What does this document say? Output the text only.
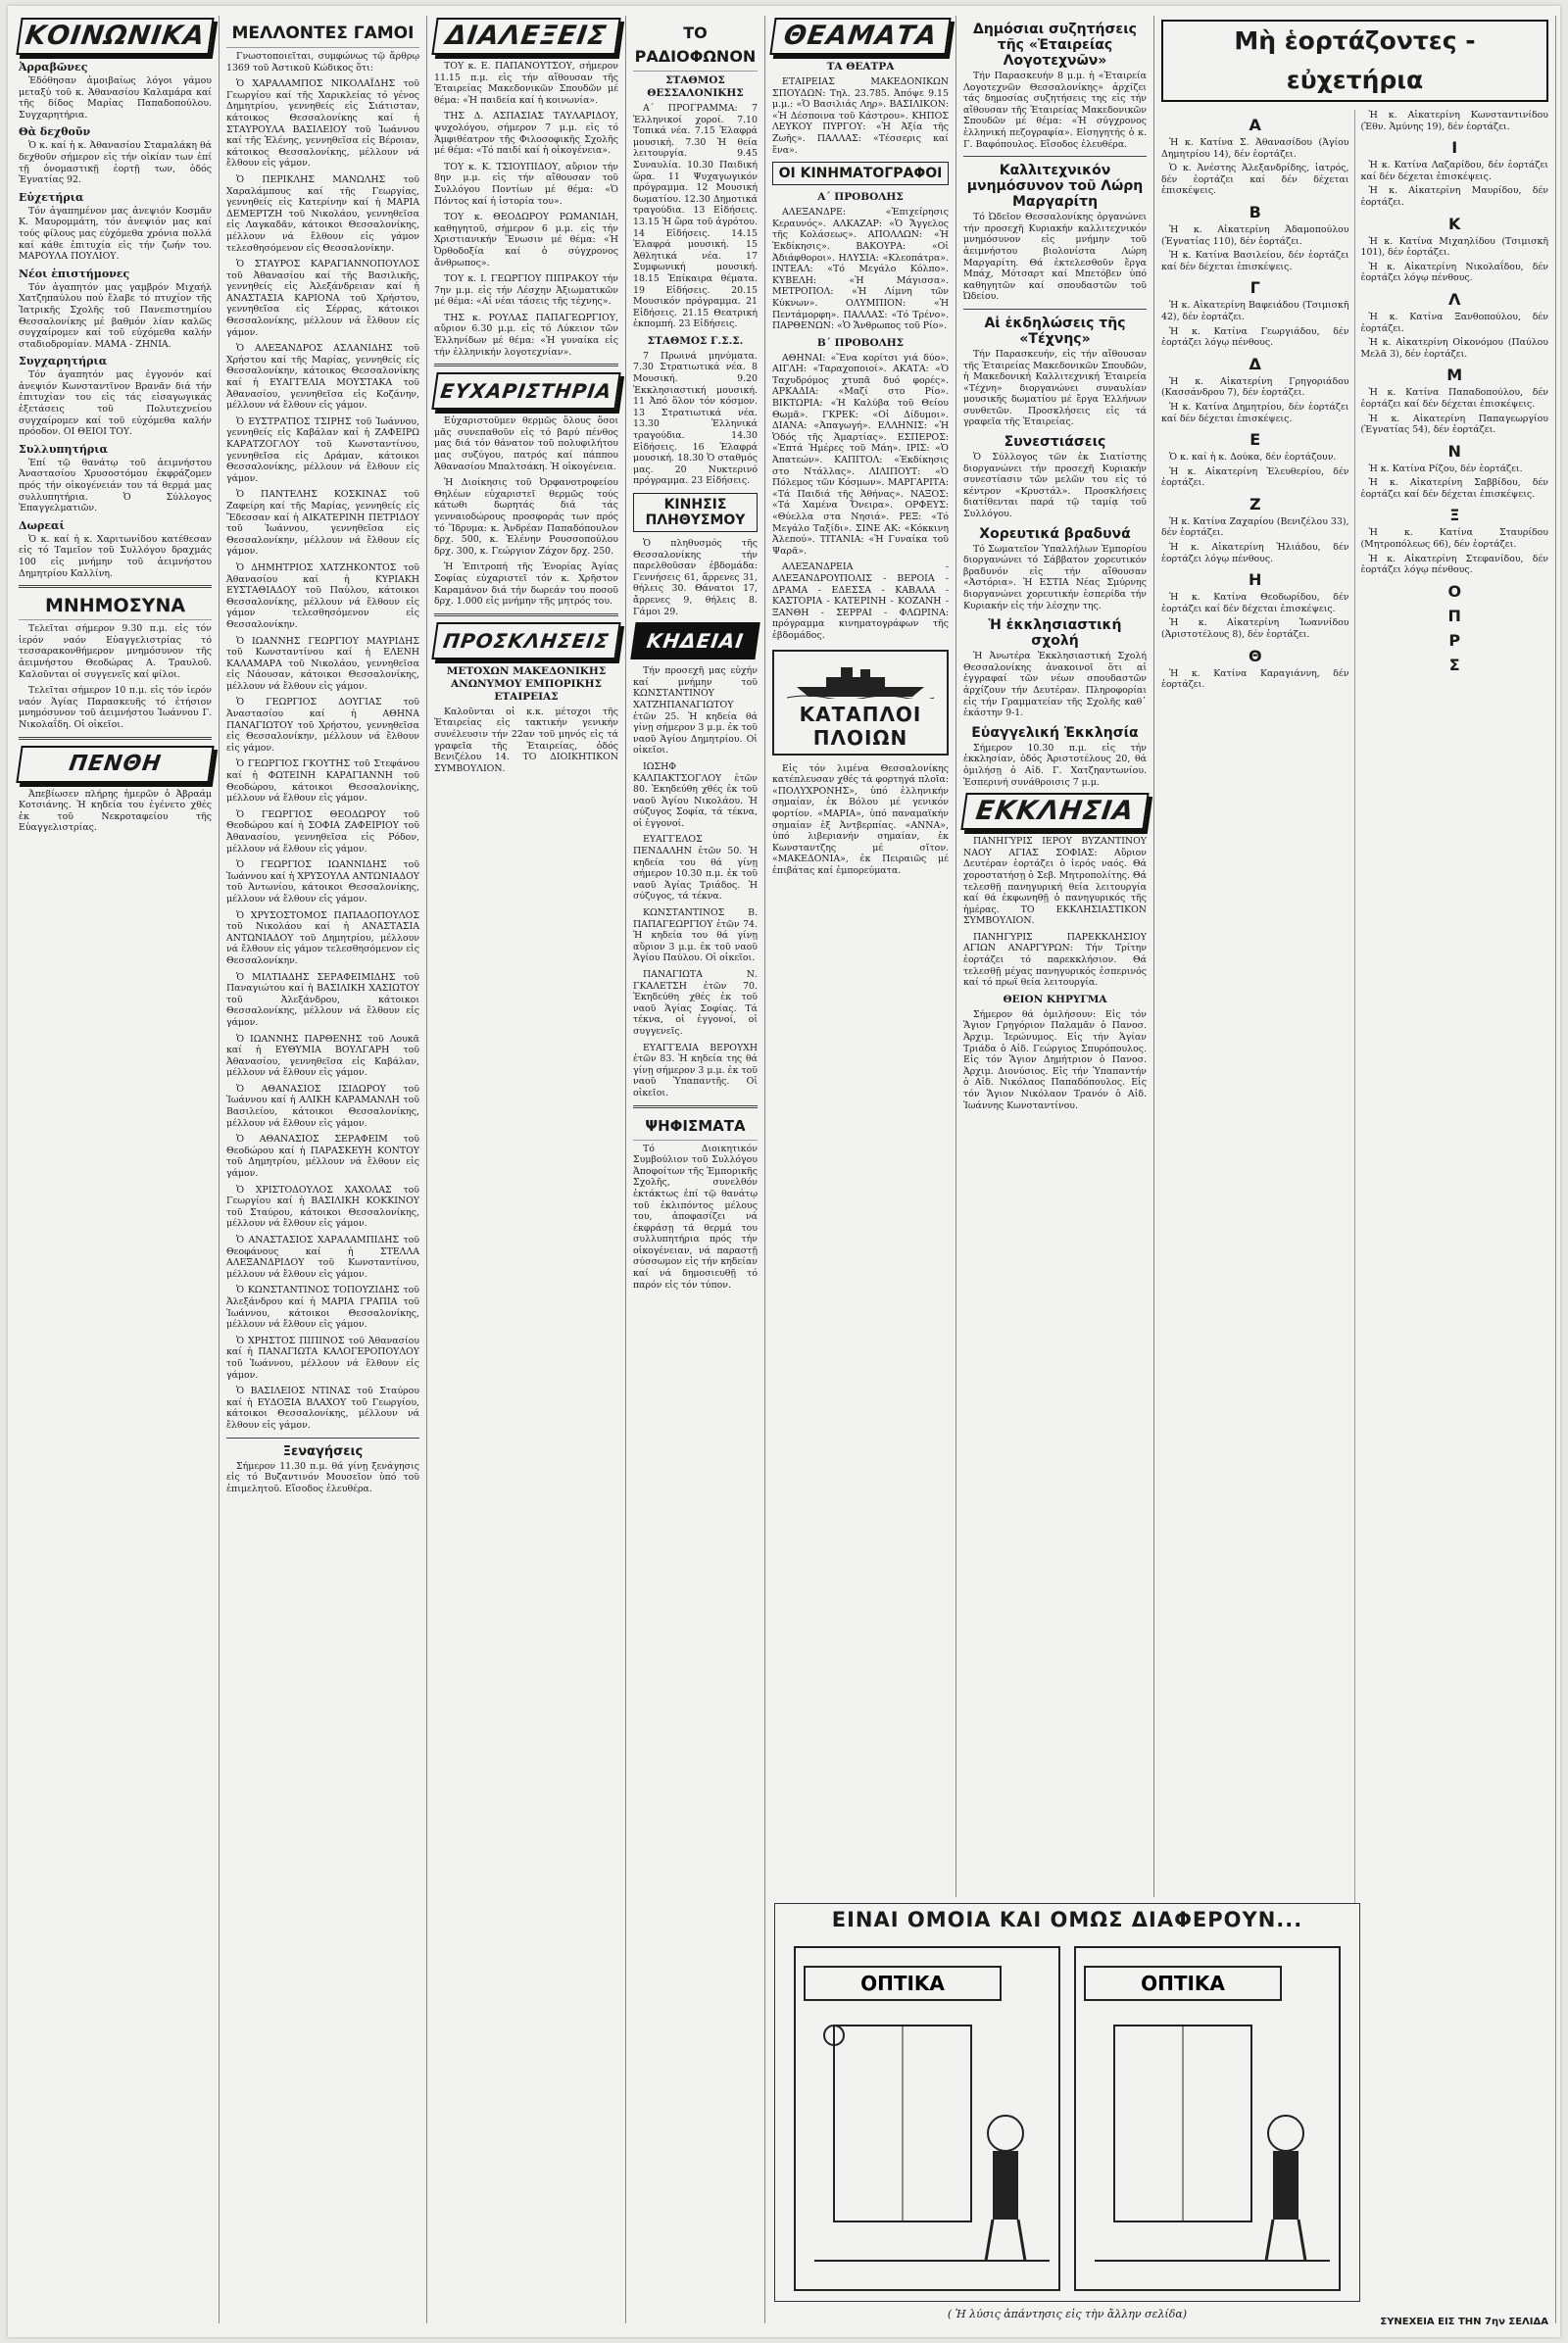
ΚΟΙΝΩΝΙΚΑ
Ἀρραβῶνες
Ἐδόθησαν ἀμοιβαίως λόγοι γάμου μεταξύ τοῦ κ. Ἀθανασίου Καλαμάρα καί τῆς δίδος Μαρίας Παπαδοπούλου. Συγχαρητήρια.
Θὰ δεχθοῦν
Ὁ κ. καί ἡ κ. Ἀθανασίου Σταμαλάκη θά δεχθοῦν σήμερον εἰς τήν οἰκίαν των ἐπί τῇ ὀνομαστικῇ ἑορτῇ των, ὁδός Ἐγνατίας 92.
Εὐχετήρια
Τόν ἀγαπημένον μας ἀνεψιόν Κοσμᾶν Κ. Μαυρομμάτη, τόν ἀνεψιόν μας καί τούς φίλους μας εὐχόμεθα χρόνια πολλά καί κάθε ἐπιτυχία εἰς τήν ζωήν του. ΜΑΡΟΥΛΑ ΠΟΥΛΙΟΥ.
Νέοι ἐπιστήμονες
Τόν ἀγαπητόν μας γαμβρόν Μιχαήλ Χατζηπαύλου πού ἔλαβε τό πτυχίον τῆς Ἰατρικῆς Σχολῆς τοῦ Πανεπιστημίου Θεσσαλονίκης μέ βαθμόν λίαν καλῶς συγχαίρομεν καί τοῦ εὐχόμεθα καλήν σταδιοδρομίαν. ΜΑΜΑ - ΖΗΝΙΑ.
Συγχαρητήρια
Τόν ἀγαπητόν μας ἐγγονόν καί ἀνεψιόν Κωνσταντῖνον Βρανᾶν διά τήν ἐπιτυχίαν του εἰς τάς εἰσαγωγικάς ἐξετάσεις τοῦ Πολυτεχνείου συγχαίρομεν καί τοῦ εὐχόμεθα καλήν πρόοδον. ΟΙ ΘΕΙΟΙ ΤΟΥ.
Συλλυπητήρια
Ἐπί τῷ θανάτῳ τοῦ ἀειμνήστου Ἀναστασίου Χρυσοστόμου ἐκφράζομεν πρός τήν οἰκογένειάν του τά θερμά μας συλλυπητήρια. Ὁ Σύλλογος Ἐπαγγελματιῶν.
Δωρεαί
Ὁ κ. καί ἡ κ. Χαριτωνίδου κατέθεσαν εἰς τό Ταμεῖον τοῦ Συλλόγου δραχμάς 100 εἰς μνήμην τοῦ ἀειμνήστου Δημητρίου Καλλίνη.
ΜΝΗΜΟΣΥΝΑ
Τελεῖται σήμερον 9.30 π.μ. εἰς τόν ἱερόν ναόν Εὐαγγελιστρίας τό τεσσαρακονθήμερον μνημόσυνον τῆς ἀειμνήστου Θεοδώρας Α. Τραυλοῦ. Καλοῦνται οἱ συγγενεῖς καί φίλοι.
Τελεῖται σήμερον 10 π.μ. εἰς τόν ἱερόν ναόν Ἁγίας Παρασκευῆς τό ἐτήσιον μνημόσυνον τοῦ ἀειμνήστου Ἰωάννου Γ. Νικολαΐδη. Οἱ οἰκεῖοι.
ΠΕΝΘΗ
Ἀπεβίωσεν πλήρης ἡμερῶν ὁ Ἀβραάμ Κοτσιάνης. Ἡ κηδεία του ἐγένετο χθές ἐκ τοῦ Νεκροταφείου τῆς Εὐαγγελιστρίας.
ΜΕΛΛΟΝΤΕΣ ΓΑΜΟΙ
Γνωστοποιεῖται, συμφώνως τῷ ἄρθρῳ 1369 τοῦ Ἀστικοῦ Κώδικος ὅτι:
Ὁ ΧΑΡΑΛΑΜΠΟΣ ΝΙΚΟΛΑΪΔΗΣ τοῦ Γεωργίου καί τῆς Χαρικλείας τό γένος Δημητρίου, γεννηθείς εἰς Σιάτισταν, κάτοικος Θεσσαλονίκης καί ἡ ΣΤΑΥΡΟΥΛΑ ΒΑΣΙΛΕΙΟΥ τοῦ Ἰωάννου καί τῆς Ἑλένης, γεννηθεῖσα εἰς Βέροιαν, κάτοικος Θεσσαλονίκης, μέλλουν νά ἔλθουν εἰς γάμον.
Ὁ ΠΕΡΙΚΛΗΣ ΜΑΝΩΛΗΣ τοῦ Χαραλάμπους καί τῆς Γεωργίας, γεννηθείς εἰς Κατερίνην καί ἡ ΜΑΡΙΑ ΔΕΜΕΡΤΖΗ τοῦ Νικολάου, γεννηθεῖσα εἰς Λαγκαδᾶν, κάτοικοι Θεσσαλονίκης, μέλλουν νά ἔλθουν εἰς γάμον τελεσθησόμενον εἰς Θεσσαλονίκην.
Ὁ ΣΤΑΥΡΟΣ ΚΑΡΑΓΙΑΝΝΟΠΟΥΛΟΣ τοῦ Ἀθανασίου καί τῆς Βασιλικῆς, γεννηθείς εἰς Ἀλεξάνδρειαν καί ἡ ΑΝΑΣΤΑΣΙΑ ΚΑΡΙΟΝΑ τοῦ Χρήστου, γεννηθεῖσα εἰς Σέρρας, κάτοικοι Θεσσαλονίκης, μέλλουν νά ἔλθουν εἰς γάμον.
Ὁ ΑΛΕΞΑΝΔΡΟΣ ΑΣΛΑΝΙΔΗΣ τοῦ Χρήστου καί τῆς Μαρίας, γεννηθείς εἰς Θεσσαλονίκην, κάτοικος Θεσσαλονίκης καί ἡ ΕΥΑΓΓΕΛΙΑ ΜΟΥΣΤΑΚΑ τοῦ Ἀθανασίου, γεννηθεῖσα εἰς Κοζάνην, μέλλουν νά ἔλθουν εἰς γάμον.
Ὁ ΕΥΣΤΡΑΤΙΟΣ ΤΣΙΡΗΣ τοῦ Ἰωάννου, γεννηθείς εἰς Καβάλαν καί ἡ ΖΑΦΕΙΡΩ ΚΑΡΑΤΖΟΓΛΟΥ τοῦ Κωνσταντίνου, γεννηθεῖσα εἰς Δράμαν, κάτοικοι Θεσσαλονίκης, μέλλουν νά ἔλθουν εἰς γάμον.
Ὁ ΠΑΝΤΕΛΗΣ ΚΟΣΚΙΝΑΣ τοῦ Ζαφείρη καί τῆς Μαρίας, γεννηθείς εἰς Ἔδεσσαν καί ἡ ΑΙΚΑΤΕΡΙΝΗ ΠΕΤΡΙΔΟΥ τοῦ Ἰωάννου, γεννηθεῖσα εἰς Θεσσαλονίκην, μέλλουν νά ἔλθουν εἰς γάμον.
Ὁ ΔΗΜΗΤΡΙΟΣ ΧΑΤΖΗΚΟΝΤΟΣ τοῦ Ἀθανασίου καί ἡ ΚΥΡΙΑΚΗ ΕΥΣΤΑΘΙΑΔΟΥ τοῦ Παύλου, κάτοικοι Θεσσαλονίκης, μέλλουν νά ἔλθουν εἰς γάμον τελεσθησόμενον εἰς Θεσσαλονίκην.
Ὁ ΙΩΑΝΝΗΣ ΓΕΩΡΓΙΟΥ ΜΑΥΡΙΔΗΣ τοῦ Κωνσταντίνου καί ἡ ΕΛΕΝΗ ΚΑΛΑΜΑΡΑ τοῦ Νικολάου, γεννηθεῖσα εἰς Νάουσαν, κάτοικοι Θεσσαλονίκης, μέλλουν νά ἔλθουν εἰς γάμον.
Ὁ ΓΕΩΡΓΙΟΣ ΔΟΥΓΙΑΣ τοῦ Ἀναστασίου καί ἡ ΑΘΗΝΑ ΠΑΝΑΓΙΩΤΟΥ τοῦ Χρήστου, γεννηθεῖσα εἰς Θεσσαλονίκην, μέλλουν νά ἔλθουν εἰς γάμον.
Ὁ ΓΕΩΡΓΙΟΣ ΓΚΟΥΤΗΣ τοῦ Στεφάνου καί ἡ ΦΩΤΕΙΝΗ ΚΑΡΑΓΙΑΝΝΗ τοῦ Θεοδώρου, κάτοικοι Θεσσαλονίκης, μέλλουν νά ἔλθουν εἰς γάμον.
Ὁ ΓΕΩΡΓΙΟΣ ΘΕΟΔΩΡΟΥ τοῦ Θεοδώρου καί ἡ ΣΟΦΙΑ ΖΑΦΕΙΡΙΟΥ τοῦ Ἀθανασίου, γεννηθεῖσα εἰς Ρόδον, μέλλουν νά ἔλθουν εἰς γάμον.
Ὁ ΓΕΩΡΓΙΟΣ ΙΩΑΝΝΙΔΗΣ τοῦ Ἰωάννου καί ἡ ΧΡΥΣΟΥΛΑ ΑΝΤΩΝΙΑΔΟΥ τοῦ Ἀντωνίου, κάτοικοι Θεσσαλονίκης, μέλλουν νά ἔλθουν εἰς γάμον.
Ὁ ΧΡΥΣΟΣΤΟΜΟΣ ΠΑΠΑΔΟΠΟΥΛΟΣ τοῦ Νικολάου καί ἡ ΑΝΑΣΤΑΣΙΑ ΑΝΤΩΝΙΑΔΟΥ τοῦ Δημητρίου, μέλλουν νά ἔλθουν εἰς γάμον τελεσθησόμενον εἰς Θεσσαλονίκην.
Ὁ ΜΙΛΤΙΑΔΗΣ ΣΕΡΑΦΕΙΜΙΔΗΣ τοῦ Παναγιώτου καί ἡ ΒΑΣΙΛΙΚΗ ΧΑΣΙΩΤΟΥ τοῦ Ἀλεξάνδρου, κάτοικοι Θεσσαλονίκης, μέλλουν νά ἔλθουν εἰς γάμον.
Ὁ ΙΩΑΝΝΗΣ ΠΑΡΘΕΝΗΣ τοῦ Λουκᾶ καί ἡ ΕΥΘΥΜΙΑ ΒΟΥΛΓΑΡΗ τοῦ Ἀθανασίου, γεννηθεῖσα εἰς Καβάλαν, μέλλουν νά ἔλθουν εἰς γάμον.
Ὁ ΑΘΑΝΑΣΙΟΣ ΙΣΙΔΩΡΟΥ τοῦ Ἰωάννου καί ἡ ΑΛΙΚΗ ΚΑΡΑΜΑΝΛΗ τοῦ Βασιλείου, κάτοικοι Θεσσαλονίκης, μέλλουν νά ἔλθουν εἰς γάμον.
Ὁ ΑΘΑΝΑΣΙΟΣ ΣΕΡΑΦΕΙΜ τοῦ Θεοδώρου καί ἡ ΠΑΡΑΣΚΕΥΗ ΚΟΝΤΟΥ τοῦ Δημητρίου, μέλλουν νά ἔλθουν εἰς γάμον.
Ὁ ΧΡΙΣΤΟΔΟΥΛΟΣ ΧΑΧΟΛΑΣ τοῦ Γεωργίου καί ἡ ΒΑΣΙΛΙΚΗ ΚΟΚΚΙΝΟΥ τοῦ Σταύρου, κάτοικοι Θεσσαλονίκης, μέλλουν νά ἔλθουν εἰς γάμον.
Ὁ ΑΝΑΣΤΑΣΙΟΣ ΧΑΡΑΛΑΜΠΙΔΗΣ τοῦ Θεοφάνους καί ἡ ΣΤΕΛΛΑ ΑΛΕΞΑΝΔΡΙΔΟΥ τοῦ Κωνσταντίνου, μέλλουν νά ἔλθουν εἰς γάμον.
Ὁ ΚΩΝΣΤΑΝΤΙΝΟΣ ΤΟΠΟΥΖΙΔΗΣ τοῦ Ἀλεξάνδρου καί ἡ ΜΑΡΙΑ ΓΡΑΠΙΑ τοῦ Ἰωάννου, κάτοικοι Θεσσαλονίκης, μέλλουν νά ἔλθουν εἰς γάμον.
Ὁ ΧΡΗΣΤΟΣ ΠΙΠΙΝΟΣ τοῦ Ἀθανασίου καί ἡ ΠΑΝΑΓΙΩΤΑ ΚΑΛΟΓΕΡΟΠΟΥΛΟΥ τοῦ Ἰωάννου, μέλλουν νά ἔλθουν εἰς γάμον.
Ὁ ΒΑΣΙΛΕΙΟΣ ΝΤΙΝΑΣ τοῦ Σταύρου καί ἡ ΕΥΔΟΞΙΑ ΒΛΑΧΟΥ τοῦ Γεωργίου, κάτοικοι Θεσσαλονίκης, μέλλουν νά ἔλθουν εἰς γάμον.
Ξεναγήσεις
Σήμερον 11.30 π.μ. θά γίνῃ ξενάγησις εἰς τό Βυζαντινόν Μουσεῖον ὑπό τοῦ ἐπιμελητοῦ. Εἴσοδος ἐλευθέρα.
ΔΙΑΛΕΞΕΙΣ
ΤΟΥ κ. Ε. ΠΑΠΑΝΟΥΤΣΟΥ, σήμερον 11.15 π.μ. εἰς τήν αἴθουσαν τῆς Ἑταιρείας Μακεδονικῶν Σπουδῶν μέ θέμα: «Ἡ παιδεία καί ἡ κοινωνία».
ΤΗΣ Δ. ΑΣΠΑΣΙΑΣ ΤΑΥΛΑΡΙΔΟΥ, ψυχολόγου, σήμερον 7 μ.μ. εἰς τό Ἀμφιθέατρον τῆς Φιλοσοφικῆς Σχολῆς μέ θέμα: «Τό παιδί καί ἡ οἰκογένεια».
ΤΟΥ κ. Κ. ΤΣΙΟΥΠΙΔΟΥ, αὔριον τήν 8ην μ.μ. εἰς τήν αἴθουσαν τοῦ Συλλόγου Ποντίων μέ θέμα: «Ὁ Πόντος καί ἡ ἱστορία του».
ΤΟΥ κ. ΘΕΟΔΩΡΟΥ ΡΩΜΑΝΙΔΗ, καθηγητοῦ, σήμερον 6 μ.μ. εἰς τήν Χριστιανικήν Ἕνωσιν μέ θέμα: «Ἡ Ὀρθοδοξία καί ὁ σύγχρονος ἄνθρωπος».
ΤΟΥ κ. Ι. ΓΕΩΡΓΙΟΥ ΠΙΠΡΑΚΟΥ τήν 7ην μ.μ. εἰς τήν Λέσχην Ἀξιωματικῶν μέ θέμα: «Αἱ νέαι τάσεις τῆς τέχνης».
ΤΗΣ κ. ΡΟΥΛΑΣ ΠΑΠΑΓΕΩΡΓΙΟΥ, αὔριον 6.30 μ.μ. εἰς τό Λύκειον τῶν Ἑλληνίδων μέ θέμα: «Ἡ γυναίκα εἰς τήν ἑλληνικήν λογοτεχνίαν».
ΕΥΧΑΡΙΣΤΗΡΙΑ
Εὐχαριστοῦμεν θερμῶς ὅλους ὅσοι μᾶς συνεπαθοῦν εἰς τό βαρύ πένθος μας διά τόν θάνατον τοῦ πολυφιλήτου μας συζύγου, πατρός καί πάππου Ἀθανασίου Μπαλτσάκη. Ἡ οἰκογένεια.
Ἡ Διοίκησις τοῦ Ὀρφανοτροφείου Θηλέων εὐχαριστεῖ θερμῶς τούς κάτωθι δωρητάς διά τάς γενναιοδώρους προσφοράς των πρός τό Ἵδρυμα: κ. Ἀνδρέαν Παπαδόπουλον δρχ. 500, κ. Ἑλένην Ρουσσοπούλου δρχ. 300, κ. Γεώργιον Ζάχον δρχ. 250.
Ἡ Ἐπιτροπή τῆς Ἐνορίας Ἁγίας Σοφίας εὐχαριστεῖ τόν κ. Χρῆστον Καραμάνον διά τήν δωρεάν του ποσοῦ δρχ. 1.000 εἰς μνήμην τῆς μητρός του.
ΠΡΟΣΚΛΗΣΕΙΣ
ΜΕΤΟΧΩΝ ΜΑΚΕΔΟΝΙΚΗΣ ΑΝΩΝΥΜΟΥ ΕΜΠΟΡΙΚΗΣ ΕΤΑΙΡΕΙΑΣ
Καλοῦνται οἱ κ.κ. μέτοχοι τῆς Ἑταιρείας εἰς τακτικήν γενικήν συνέλευσιν τήν 22αν τοῦ μηνός εἰς τά γραφεῖα τῆς Ἑταιρείας, ὁδός Βενιζέλου 14. ΤΟ ΔΙΟΙΚΗΤΙΚΟΝ ΣΥΜΒΟΥΛΙΟΝ.
ΤΟ ΡΑΔΙΟΦΩΝΟΝ
ΣΤΑΘΜΟΣ ΘΕΣΣΑΛΟΝΙΚΗΣ
Α΄ ΠΡΟΓΡΑΜΜΑ: 7 Ἑλληνικοί χοροί. 7.10 Τοπικά νέα. 7.15 Ἐλαφρά μουσική. 7.30 Ἡ θεία λειτουργία. 9.45 Συναυλία. 10.30 Παιδική ὥρα. 11 Ψυχαγωγικόν πρόγραμμα. 12 Μουσική δωματίου. 12.30 Δημοτικά τραγούδια. 13 Εἰδήσεις. 13.15 Ἡ ὥρα τοῦ ἀγρότου. 14 Εἰδήσεις. 14.15 Ἐλαφρά μουσική. 15 Ἀθλητικά νέα. 17 Συμφωνική μουσική. 18.15 Ἐπίκαιρα θέματα. 19 Εἰδήσεις. 20.15 Μουσικόν πρόγραμμα. 21 Εἰδήσεις. 21.15 Θεατρική ἐκπομπή. 23 Εἰδήσεις.
ΣΤΑΘΜΟΣ Γ.Σ.Σ.
7 Πρωινά μηνύματα. 7.30 Στρατιωτικά νέα. 8 Μουσική. 9.20 Ἐκκλησιαστική μουσική. 11 Ἀπό ὅλον τόν κόσμον. 13 Στρατιωτικά νέα. 13.30 Ἑλληνικά τραγούδια. 14.30 Εἰδήσεις. 16 Ἐλαφρά μουσική. 18.30 Ὁ σταθμός μας. 20 Νυκτερινό πρόγραμμα. 23 Εἰδήσεις.
ΚΙΝΗΣΙΣ ΠΛΗΘΥΣΜΟΥ
Ὁ πληθυσμός τῆς Θεσσαλονίκης τήν παρελθοῦσαν ἑβδομάδα: Γεννήσεις 61, ἄρρενες 31, θήλεις 30. Θάνατοι 17, ἄρρενες 9, θήλεις 8. Γάμοι 29.
ΚΗΔΕΙΑΙ
Τήν προσεχῆ μας εὐχήν καί μνήμην τοῦ ΚΩΝΣΤΑΝΤΙΝΟΥ ΧΑΤΖΗΠΑΝΑΓΙΩΤΟΥ ἐτῶν 25. Ἡ κηδεία θά γίνῃ σήμερον 3 μ.μ. ἐκ τοῦ ναοῦ Ἁγίου Δημητρίου. Οἱ οἰκεῖοι.
ΙΩΣΗΦ ΚΑΛΠΑΚΤΣΟΓΛΟΥ ἐτῶν 80. Ἐκηδεύθη χθές ἐκ τοῦ ναοῦ Ἁγίου Νικολάου. Ἡ σύζυγος Σοφία, τά τέκνα, οἱ ἐγγονοί.
ΕΥΑΓΓΕΛΟΣ ΠΕΝΔΑΛΗΝ ἐτῶν 50. Ἡ κηδεία του θά γίνῃ σήμερον 10.30 π.μ. ἐκ τοῦ ναοῦ Ἁγίας Τριάδος. Ἡ σύζυγος, τά τέκνα.
ΚΩΝΣΤΑΝΤΙΝΟΣ Β. ΠΑΠΑΓΕΩΡΓΙΟΥ ἐτῶν 74. Ἡ κηδεία του θά γίνῃ αὔριον 3 μ.μ. ἐκ τοῦ ναοῦ Ἁγίου Παύλου. Οἱ οἰκεῖοι.
ΠΑΝΑΓΙΩΤΑ Ν. ΓΚΑΛΕΤΣΗ ἐτῶν 70. Ἐκηδεύθη χθές ἐκ τοῦ ναοῦ Ἁγίας Σοφίας. Τά τέκνα, οἱ ἐγγονοί, οἱ συγγενεῖς.
ΕΥΑΓΓΕΛΙΑ ΒΕΡΟΥΧΗ ἐτῶν 83. Ἡ κηδεία της θά γίνῃ σήμερον 3 μ.μ. ἐκ τοῦ ναοῦ Ὑπαπαντῆς. Οἱ οἰκεῖοι.
ΨΗΦΙΣΜΑΤΑ
Τό Διοικητικόν Συμβούλιον τοῦ Συλλόγου Ἀποφοίτων τῆς Ἐμπορικῆς Σχολῆς, συνελθόν ἐκτάκτως ἐπί τῷ θανάτῳ τοῦ ἐκλιπόντος μέλους του, ἀποφασίζει νά ἐκφράσῃ τά θερμά του συλλυπητήρια πρός τήν οἰκογένειαν, νά παραστῇ σύσσωμον εἰς τήν κηδείαν καί νά δημοσιευθῇ τό παρόν εἰς τόν τύπον.
ΘΕΑΜΑΤΑ
ΤΑ ΘΕΑΤΡΑ
ΕΤΑΙΡΕΙΑΣ ΜΑΚΕΔΟΝΙΚΩΝ ΣΠΟΥΔΩΝ: Τηλ. 23.785. Ἀπόψε 9.15 μ.μ.: «Ὁ Βασιλιάς Ληρ». ΒΑΣΙΛΙΚΟΝ: «Ἡ Δέσποινα τοῦ Κάστρου». ΚΗΠΟΣ ΛΕΥΚΟΥ ΠΥΡΓΟΥ: «Ἡ Ἀξία τῆς Ζωῆς». ΠΑΛΛΑΣ: «Τέσσερις καί ἕνα».
ΟΙ ΚΙΝΗΜΑΤΟΓΡΑΦΟΙ
Α΄ ΠΡΟΒΟΛΗΣ
ΑΛΕΞΑΝΔΡΕ: «Ἐπιχείρησις Κεραυνός». ΑΛΚΑΖΑΡ: «Ὁ Ἄγγελος τῆς Κολάσεως». ΑΠΟΛΛΩΝ: «Ἡ Ἐκδίκησις». ΒΑΚΟΥΡΑ: «Οἱ Ἀδιάφθοροι». ΗΛΥΣΙΑ: «Κλεοπάτρα». ΙΝΤΕΑΛ: «Τό Μεγάλο Κόλπο». ΚΥΒΕΛΗ: «Ἡ Μάγισσα». ΜΕΤΡΟΠΟΛ: «Ἡ Λίμνη τῶν Κύκνων». ΟΛΥΜΠΙΟΝ: «Ἡ Πεντάμορφη». ΠΑΛΛΑΣ: «Τό Τρένο». ΠΑΡΘΕΝΩΝ: «Ὁ Ἄνθρωπος τοῦ Ρίο».
Β΄ ΠΡΟΒΟΛΗΣ
ΑΘΗΝΑΙ: «Ἕνα κορίτσι γιά δύο». ΑΙΓΛΗ: «Ταραχοποιοί». ΑΚΑΤΑ: «Ὁ Ταχυδρόμος χτυπᾶ δυό φορές». ΑΡΚΑΔΙΑ: «Μαζί στο Ρίο». ΒΙΚΤΩΡΙΑ: «Ἡ Καλύβα τοῦ Θείου Θωμᾶ». ΓΚΡΕΚ: «Οἱ Δίδυμοι». ΔΙΑΝΑ: «Ἀπαγωγή». ΕΛΛΗΝΙΣ: «Ἡ Ὁδός τῆς Ἁμαρτίας». ΕΣΠΕΡΟΣ: «Ἐπτά Ἡμέρες τοῦ Μάη». ΙΡΙΣ: «Ὁ Ἀπατεών». ΚΑΠΙΤΟΛ: «Ἐκδίκησις στο Ντάλλας». ΛΙΛΙΠΟΥΤ: «Ὁ Πόλεμος τῶν Κόσμων». ΜΑΡΓΑΡΙΤΑ: «Τά Παιδιά τῆς Ἀθήνας». ΝΑΞΟΣ: «Τά Χαμένα Ὄνειρα». ΟΡΦΕΥΣ: «Θύελλα στα Νησιά». ΡΕΞ: «Τό Μεγάλο Ταξίδι». ΣΙΝΕ ΑΚ: «Κόκκινη Ἀλεπού». ΤΙΤΑΝΙΑ: «Ἡ Γυναίκα τοῦ Ψαρᾶ».
ΑΛΕΞΑΝΔΡΕΙΑ - ΑΛΕΞΑΝΔΡΟΥΠΟΛΙΣ - ΒΕΡΟΙΑ - ΔΡΑΜΑ - ΕΔΕΣΣΑ - ΚΑΒΑΛΑ - ΚΑΣΤΟΡΙΑ - ΚΑΤΕΡΙΝΗ - ΚΟΖΑΝΗ - ΞΑΝΘΗ - ΣΕΡΡΑΙ - ΦΛΩΡΙΝΑ: πρόγραμμα κινηματογράφων τῆς ἑβδομάδος.
ΚΑΤΑΠΛΟΙ ΠΛΟΙΩΝ
Εἰς τόν λιμένα Θεσσαλονίκης κατέπλευσαν χθές τά φορτηγά πλοῖα: «ΠΟΛΥΧΡΟΝΗΣ», ὑπό ἑλληνικήν σημαίαν, ἐκ Βόλου μέ γενικόν φορτίον. «ΜΑΡΙΑ», ὑπό παναμαϊκήν σημαίαν ἐξ Ἀντβερπίας. «ΑΝΝΑ», ὑπό λιβεριανήν σημαίαν, ἐκ Κωνσταντζης μέ σῖτον. «ΜΑΚΕΔΟΝΙΑ», ἐκ Πειραιῶς μέ ἐπιβάτας καί ἐμπορεύματα.
Δημόσιαι συζητήσεις τῆς «Ἑταιρείας Λογοτεχνῶν»
Τήν Παρασκευήν 8 μ.μ. ἡ «Ἑταιρεία Λογοτεχνῶν Θεσσαλονίκης» ἀρχίζει τάς δημοσίας συζητήσεις της εἰς τήν αἴθουσαν τῆς Ἑταιρείας Μακεδονικῶν Σπουδῶν μέ θέμα: «Ἡ σύγχρονος ἑλληνική πεζογραφία». Εἰσηγητής ὁ κ. Γ. Βαφόπουλος. Εἴσοδος ἐλευθέρα.
Καλλιτεχνικόν μνημόσυνον τοῦ Λώρη Μαργαρίτη
Τό Ὠδεῖον Θεσσαλονίκης ὀργανώνει τήν προσεχῆ Κυριακήν καλλιτεχνικόν μνημόσυνον εἰς μνήμην τοῦ ἀειμνήστου βιολονίστα Λώρη Μαργαρίτη. Θά ἐκτελεσθοῦν ἔργα Μπάχ, Μότσαρτ καί Μπετόβεν ὑπό καθηγητῶν καί σπουδαστῶν τοῦ Ὠδείου.
Αἱ ἐκδηλώσεις τῆς «Τέχνης»
Τήν Παρασκευήν, εἰς τήν αἴθουσαν τῆς Ἑταιρείας Μακεδονικῶν Σπουδῶν, ἡ Μακεδονική Καλλιτεχνική Ἑταιρεία «Τέχνη» διοργανώνει συναυλίαν μουσικῆς δωματίου μέ ἔργα Ἑλλήνων συνθετῶν. Προσκλήσεις εἰς τά γραφεῖα τῆς Ἑταιρείας.
Συνεστιάσεις
Ὁ Σύλλογος τῶν ἐκ Σιατίστης διοργανώνει τήν προσεχῆ Κυριακήν συνεστίασιν τῶν μελῶν του εἰς τό κέντρον «Κρυστάλ». Προσκλήσεις διατίθενται παρά τῷ ταμίᾳ τοῦ Συλλόγου.
Χορευτικά βραδυνά
Τό Σωματεῖον Ὑπαλλήλων Ἐμπορίου διοργανώνει τό Σάββατον χορευτικόν βραδυνόν εἰς τήν αἴθουσαν «Ἀστόρια». Ἡ ΕΣΤΙΑ Νέας Σμύρνης διοργανώνει χορευτικήν ἑσπερίδα τήν Κυριακήν εἰς τήν λέσχην της.
Ἡ ἐκκλησιαστική σχολή
Ἡ Ἀνωτέρα Ἐκκλησιαστική Σχολή Θεσσαλονίκης ἀνακοινοῖ ὅτι αἱ ἐγγραφαί τῶν νέων σπουδαστῶν ἀρχίζουν τήν Δευτέραν. Πληροφορίαι εἰς τήν Γραμματείαν τῆς Σχολῆς καθ᾽ ἑκάστην 9-1.
Εὐαγγελική Ἐκκλησία
Σήμερον 10.30 π.μ. εἰς τήν ἐκκλησίαν, ὁδός Ἀριστοτέλους 20, θά ὁμιλήσῃ ὁ Αἰδ. Γ. Χατζηαντωνίου. Ἑσπερινή συνάθροισις 7 μ.μ.
ΕΚΚΛΗΣΙΑ
ΠΑΝΗΓΥΡΙΣ ΙΕΡΟΥ ΒΥΖΑΝΤΙΝΟΥ ΝΑΟΥ ΑΓΙΑΣ ΣΟΦΙΑΣ: Αὔριον Δευτέραν ἑορτάζει ὁ ἱερός ναός. Θά χοροστατήσῃ ὁ Σεβ. Μητροπολίτης. Θά τελεσθῇ πανηγυρική θεία λειτουργία καί θά ἐκφωνηθῇ ὁ πανηγυρικός τῆς ἡμέρας. ΤΟ ΕΚΚΛΗΣΙΑΣΤΙΚΟΝ ΣΥΜΒΟΥΛΙΟΝ.
ΠΑΝΗΓΥΡΙΣ ΠΑΡΕΚΚΛΗΣΙΟΥ ΑΓΙΩΝ ΑΝΑΡΓΥΡΩΝ: Τήν Τρίτην ἑορτάζει τό παρεκκλήσιον. Θά τελεσθῇ μέγας πανηγυρικός ἑσπερινός καί τό πρωΐ θεία λειτουργία.
ΘΕΙΟΝ ΚΗΡΥΓΜΑ
Σήμερον θά ὁμιλήσουν: Εἰς τόν Ἅγιον Γρηγόριον Παλαμᾶν ὁ Πανοσ. Ἀρχιμ. Ἰερώνυμος. Εἰς τήν Ἁγίαν Τριάδα ὁ Αἰδ. Γεώργιος Σπυρόπουλος. Εἰς τόν Ἅγιον Δημήτριον ὁ Πανοσ. Ἀρχιμ. Διονύσιος. Εἰς τήν Ὑπαπαντήν ὁ Αἰδ. Νικόλαος Παπαδόπουλος. Εἰς τόν Ἅγιον Νικόλαον Τρανόν ὁ Αἰδ. Ἰωάννης Κωνσταντίνου.
Μὴ ἑορτάζοντες - εὐχετήρια
Α
Ἡ κ. Κατίνα Σ. Ἀθανασίδου (Ἀγίου Δημητρίου 14), δέν ἑορτάζει.
Ὁ κ. Ἀνέστης Ἀλεξανδρίδης, ἰατρός, δέν ἑορτάζει καί δέν δέχεται ἐπισκέψεις.
Β
Ἡ κ. Αἰκατερίνη Ἀδαμοπούλου (Ἐγνατίας 110), δέν ἑορτάζει.
Ἡ κ. Κατίνα Βασιλείου, δέν ἑορτάζει καί δέν δέχεται ἐπισκέψεις.
Γ
Ἡ κ. Αἰκατερίνη Βαφειάδου (Τσιμισκῆ 42), δέν ἑορτάζει.
Ἡ κ. Κατίνα Γεωργιάδου, δέν ἑορτάζει λόγῳ πένθους.
Δ
Ἡ κ. Αἰκατερίνη Γρηγοριάδου (Κασσάνδρου 7), δέν ἑορτάζει.
Ἡ κ. Κατίνα Δημητρίου, δέν ἑορτάζει καί δέν δέχεται ἐπισκέψεις.
Ε
Ὁ κ. καί ἡ κ. Δούκα, δέν ἑορτάζουν.
Ἡ κ. Αἰκατερίνη Ἐλευθερίου, δέν ἑορτάζει.
Ζ
Ἡ κ. Κατίνα Ζαχαρίου (Βενιζέλου 33), δέν ἑορτάζει.
Ἡ κ. Αἰκατερίνη Ἠλιάδου, δέν ἑορτάζει λόγῳ πένθους.
Η
Ἡ κ. Κατίνα Θεοδωρίδου, δέν ἑορτάζει καί δέν δέχεται ἐπισκέψεις.
Ἡ κ. Αἰκατερίνη Ἰωαννίδου (Ἀριστοτέλους 8), δέν ἑορτάζει.
Θ
Ἡ κ. Κατίνα Καραγιάννη, δέν ἑορτάζει.
Ἡ κ. Αἰκατερίνη Κωνσταντινίδου (Ἐθν. Ἀμύνης 19), δέν ἑορτάζει.
Ι
Ἡ κ. Κατίνα Λαζαρίδου, δέν ἑορτάζει καί δέν δέχεται ἐπισκέψεις.
Ἡ κ. Αἰκατερίνη Μαυρίδου, δέν ἑορτάζει.
Κ
Ἡ κ. Κατίνα Μιχαηλίδου (Τσιμισκῆ 101), δέν ἑορτάζει.
Ἡ κ. Αἰκατερίνη Νικολαΐδου, δέν ἑορτάζει λόγῳ πένθους.
Λ
Ἡ κ. Κατίνα Ξανθοπούλου, δέν ἑορτάζει.
Ἡ κ. Αἰκατερίνη Οἰκονόμου (Παύλου Μελᾶ 3), δέν ἑορτάζει.
Μ
Ἡ κ. Κατίνα Παπαδοπούλου, δέν ἑορτάζει καί δέν δέχεται ἐπισκέψεις.
Ἡ κ. Αἰκατερίνη Παπαγεωργίου (Ἐγνατίας 54), δέν ἑορτάζει.
Ν
Ἡ κ. Κατίνα Ρίζου, δέν ἑορτάζει.
Ἡ κ. Αἰκατερίνη Σαββίδου, δέν ἑορτάζει καί δέν δέχεται ἐπισκέψεις.
Ξ
Ἡ κ. Κατίνα Σταυρίδου (Μητροπόλεως 66), δέν ἑορτάζει.
Ἡ κ. Αἰκατερίνη Στεφανίδου, δέν ἑορτάζει λόγῳ πένθους.
Ο
Π
Ρ
Σ
ΕΙΝΑΙ ΟΜΟΙΑ ΚΑΙ ΟΜΩΣ ΔΙΑΦΕΡΟΥΝ...
ΟΠΤΙΚΑ	ΟΠΤΙΚΑ
( Ἡ λύσις ἀπάντησις εἰς τὴν ἄλλην σελίδα)
ΣΥΝΕΧΕΙΑ ΕΙΣ ΤΗΝ 7ην ΣΕΛΙΔΑ
